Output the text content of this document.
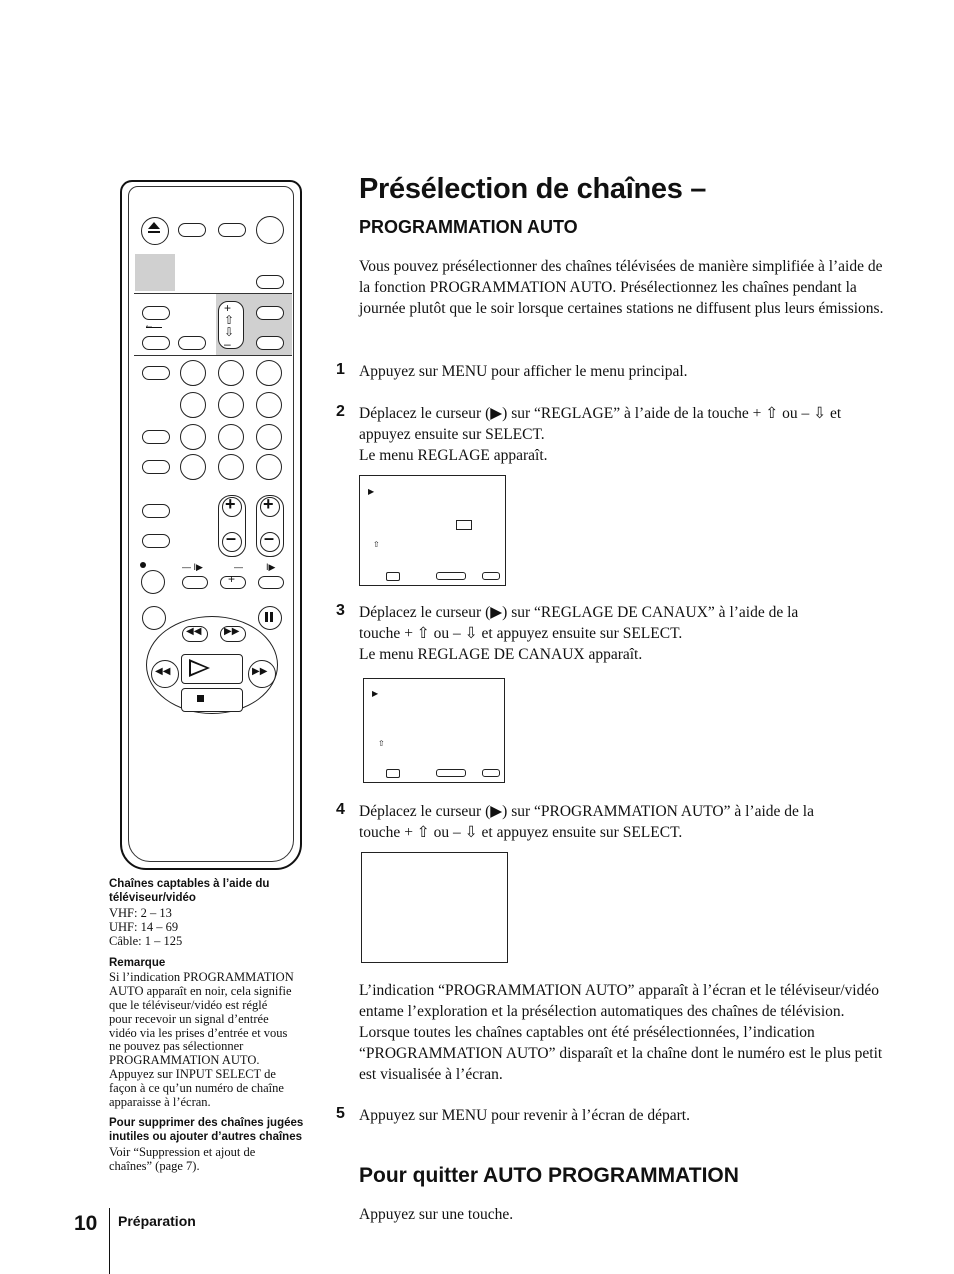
+
⇧
⇩
–
←
+
–
+
–
— I▶	—	I▶
+
◀◀ ▶▶
◀◀	▶▶
Présélection de chaînes –
PROGRAMMATION AUTO

Vous pouvez présélectionner des chaînes télévisées de manière simplifiée à l’aide de la fonction PROGRAMMATION AUTO. Présélectionnez les chaînes pendant la journée plutôt que le soir lorsque certaines stations ne diffusent plus leurs émissions.

1 Appuyez sur MENU pour afficher le menu principal.

2 Déplacez le curseur (▶) sur “REGLAGE” à l’aide de la touche + ⇧ ou – ⇩ et

appuyez ensuite sur SELECT.

Le menu REGLAGE apparaît.

▶
⇧
3 Déplacez le curseur (▶) sur “REGLAGE DE CANAUX” à l’aide de la

touche + ⇧ ou – ⇩ et appuyez ensuite sur SELECT.

Le menu REGLAGE DE CANAUX apparaît.

▶
⇧
4 Déplacez le curseur (▶) sur “PROGRAMMATION AUTO” à l’aide de la

touche + ⇧ ou – ⇩ et appuyez ensuite sur SELECT.

L’indication “PROGRAMMATION AUTO” apparaît à l’écran et le téléviseur/vidéo entame l’exploration et la présélection automatiques des chaînes de télévision. Lorsque toutes les chaînes captables ont été présélectionnées, l’indication “PROGRAMMATION AUTO” disparaît et la chaîne dont le numéro est le plus petit est visualisée à l’écran.

5 Appuyez sur MENU pour revenir à l’écran de départ.

Pour quitter AUTO PROGRAMMATION

Appuyez sur une touche.

Chaînes captables à l’aide du téléviseur/vidéo
VHF: 2 – 13
UHF: 14 – 69
Câble: 1 – 125
Remarque
Si l’indication PROGRAMMATION
AUTO apparaît en noir, cela signifie
que le téléviseur/vidéo est réglé
pour recevoir un signal d’entrée
vidéo via les prises d’entrée et vous
ne pouvez pas sélectionner
PROGRAMMATION AUTO.
Appuyez sur INPUT SELECT de
façon à ce qu’un numéro de chaîne
apparaisse à l’écran.
Pour supprimer des chaînes jugées inutiles ou ajouter d’autres chaînes
Voir “Suppression et ajout de
chaînes” (page 7).
10 Préparation
